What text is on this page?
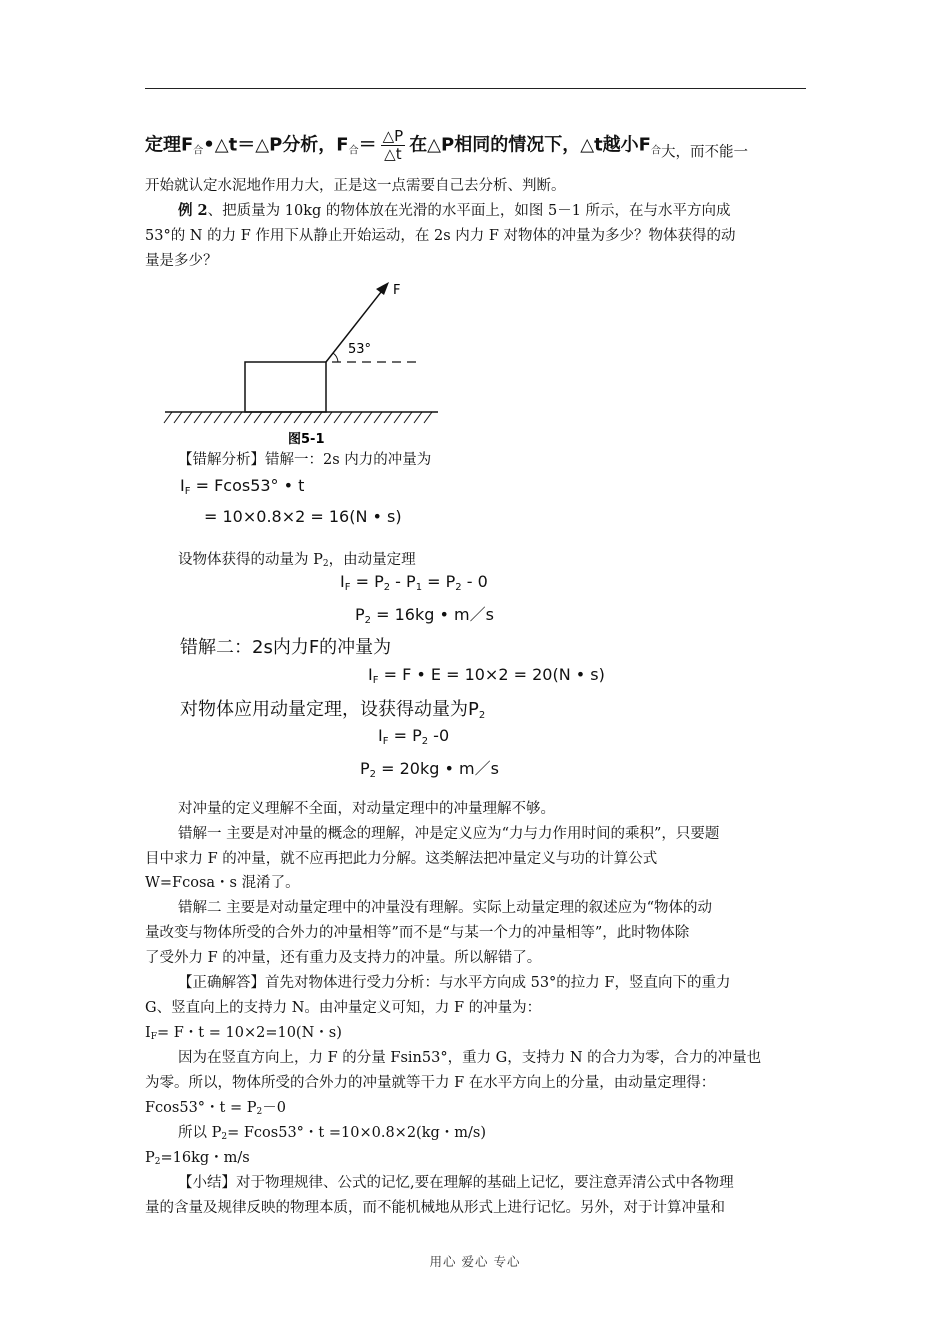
定理$F_合•\triangle t=\triangle P$分析，$F_合= \frac{\triangle P}{\triangle t}$ 在△P相同的情况下，△t越小$F_{合大,而不能一}$
开始就认定水泥地作用力大，正是这一点需要自己去分析、判断。
例 2、把质量为 10kg 的物体放在光滑的水平面上，如图 5－1 所示，在与水平方向成
53°的 N 的力 F 作用下从静止开始运动，在 2s 内力 F 对物体的冲量为多少？物体获得的动
量是多少？
F
53°
图5-1
【错解分析】错解一：2s 内力的冲量为
$I_F = Fcos53^\circ$ • t
= 10×0.8×2 = 16(N • s)
设物体获得的动量为 P2，由动量定理
$I_F = P_2 - P_1 = P_2 - 0$
$P_2 = 16kg$ • m／s
错解二：2s内力F的冲量为
$I_F = F$ • E = 10×2 = 20(N • s)
对物体应用动量定理，设获得动量为$P_2$
$I_F = P_2$ -0
$P_2 = 20kg$ • m／s
对冲量的定义理解不全面，对动量定理中的冲量理解不够。
错解一 主要是对冲量的概念的理解，冲是定义应为“力与力作用时间的乘积”，只要题
目中求力 F 的冲量，就不应再把此力分解。这类解法把冲量定义与功的计算公式
W=Fcosa・s 混淆了。
错解二 主要是对动量定理中的冲量没有理解。实际上动量定理的叙述应为“物体的动
量改变与物体所受的合外力的冲量相等”而不是“与某一个力的冲量相等”，此时物体除
了受外力 F 的冲量，还有重力及支持力的冲量。所以解错了。
【正确解答】首先对物体进行受力分析：与水平方向成 53°的拉力 F，竖直向下的重力
G、竖直向上的支持力 N。由冲量定义可知，力 F 的冲量为：
IF= F・t = 10×2=10(N・s)
因为在竖直方向上，力 F 的分量 Fsin53°，重力 G，支持力 N 的合力为零，合力的冲量也
为零。所以，物体所受的合外力的冲量就等干力 F 在水平方向上的分量，由动量定理得：
Fcos53°・t = P2－0
所以 P2= Fcos53°・t =10×0.8×2(kg・m/s)
P2=16kg・m/s
【小结】对于物理规律、公式的记忆,要在理解的基础上记忆，要注意弄清公式中各物理
量的含量及规律反映的物理本质，而不能机械地从形式上进行记忆。另外，对于计算冲量和
用心 爱心 专心
